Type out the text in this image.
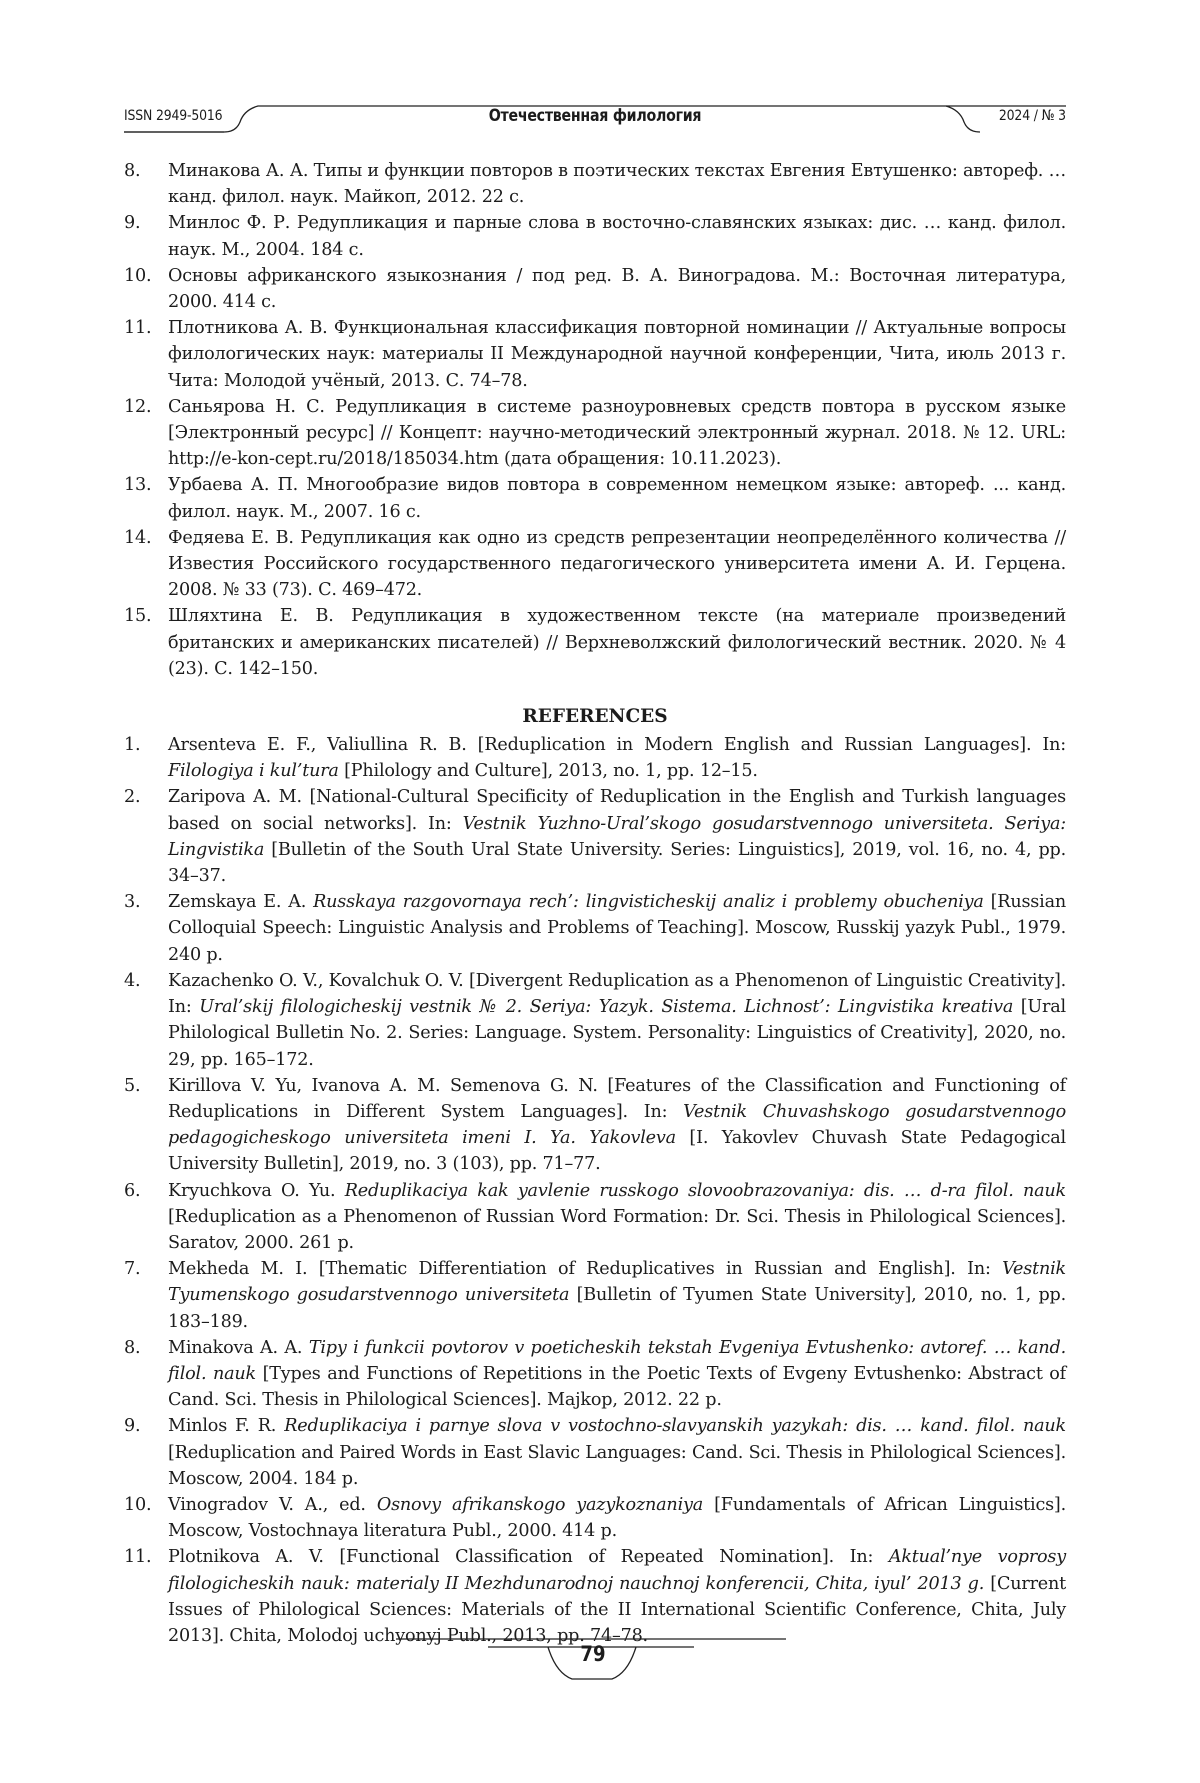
ISSN 2949-5016	Отечественная филология	2024 / № 3
8. Минакова А. А. Типы и функции повторов в поэтических текстах Евгения Евтушенко: автореф. … канд. филол. наук. Майкоп, 2012. 22 с.
9. Минлос Ф. Р. Редупликация и парные слова в восточно-славянских языках: дис. … канд. филол. наук. М., 2004. 184 с.
10. Основы африканского языкознания / под ред. В. А. Виноградова. М.: Восточная литература, 2000. 414 с.
11. Плотникова А. В. Функциональная классификация повторной номинации // Актуальные вопросы филологических наук: материалы II Международной научной конференции, Чита, июль 2013 г. Чита: Молодой учёный, 2013. С. 74–78.
12. Саньярова Н. С. Редупликация в системе разноуровневых средств повтора в русском языке [Электронный ресурс] // Концепт: научно-методический электронный журнал. 2018. № 12. URL: http://e-kon-cept.ru/2018/185034.htm (дата обращения: 10.11.2023).
13. Урбаева А. П. Многообразие видов повтора в современном немецком языке: автореф. ... канд. филол. наук. М., 2007. 16 с.
14. Федяева Е. В. Редупликация как одно из средств репрезентации неопределённого количества // Известия Российского государственного педагогического университета имени А. И. Герцена. 2008. № 33 (73). С. 469–472.
15. Шляхтина Е. В. Редупликация в художественном тексте (на материале произведений британских и американских писателей) // Верхневолжский филологический вестник. 2020. № 4 (23). С. 142–150.
REFERENCES
1. Arsenteva E. F., Valiullina R. B. [Reduplication in Modern English and Russian Languages]. In: Filologiya i kul’tura [Philology and Culture], 2013, no. 1, pp. 12–15.
2. Zaripova A. M. [National-Cultural Specificity of Reduplication in the English and Turkish languages based on social networks]. In: Vestnik Yuzhno-Ural’skogo gosudarstvennogo universiteta. Seriya: Lingvistika [Bulletin of the South Ural State University. Series: Linguistics], 2019, vol. 16, no. 4, pp. 34–37.
3. Zemskaya E. A. Russkaya razgovornaya rech’: lingvisticheskij analiz i problemy obucheniya [Russian Colloquial Speech: Linguistic Analysis and Problems of Teaching]. Moscow, Russkij yazyk Publ., 1979. 240 p.
4. Kazachenko O. V., Kovalchuk O. V. [Divergent Reduplication as a Phenomenon of Linguistic Creativity]. In: Ural’skij filologicheskij vestnik № 2. Seriya: Yazyk. Sistema. Lichnost’: Lingvistika kreativa [Ural Philological Bulletin No. 2. Series: Language. System. Personality: Linguistics of Creativity], 2020, no. 29, pp. 165–172.
5. Kirillova V. Yu, Ivanova A. M. Semenova G. N. [Features of the Classification and Functioning of Reduplications in Different System Languages]. In: Vestnik Chuvashskogo gosudarstvennogo pedagogicheskogo universiteta imeni I. Ya. Yakovleva [I. Yakovlev Chuvash State Pedagogical University Bulletin], 2019, no. 3 (103), pp. 71–77.
6. Kryuchkova O. Yu. Reduplikaciya kak yavlenie russkogo slovoobrazovaniya: dis. … d-ra filol. nauk [Reduplication as a Phenomenon of Russian Word Formation: Dr. Sci. Thesis in Philological Sciences]. Saratov, 2000. 261 p.
7. Mekheda M. I. [Thematic Differentiation of Reduplicatives in Russian and English]. In: Vestnik Tyumenskogo gosudarstvennogo universiteta [Bulletin of Tyumen State University], 2010, no. 1, pp. 183–189.
8. Minakova A. A. Tipy i funkcii povtorov v poeticheskih tekstah Evgeniya Evtushenko: avtoref. … kand. filol. nauk [Types and Functions of Repetitions in the Poetic Texts of Evgeny Evtushenko: Abstract of Cand. Sci. Thesis in Philological Sciences]. Majkop, 2012. 22 p.
9. Minlos F. R. Reduplikaciya i parnye slova v vostochno-slavyanskih yazykah: dis. … kand. filol. nauk [Reduplication and Paired Words in East Slavic Languages: Cand. Sci. Thesis in Philological Sciences]. Moscow, 2004. 184 p.
10. Vinogradov V. A., ed. Osnovy afrikanskogo yazykoznaniya [Fundamentals of African Linguistics]. Moscow, Vostochnaya literatura Publ., 2000. 414 p.
11. Plotnikova A. V. [Functional Classification of Repeated Nomination]. In: Aktual’nye voprosy filologicheskih nauk: materialy II Mezhdunarodnoj nauchnoj konferencii, Chita, iyul’ 2013 g. [Current Issues of Philological Sciences: Materials of the II International Scientific Conference, Chita, July 2013]. Chita, Molodoj uchyonyj Publ., 2013, pp. 74–78.
79
